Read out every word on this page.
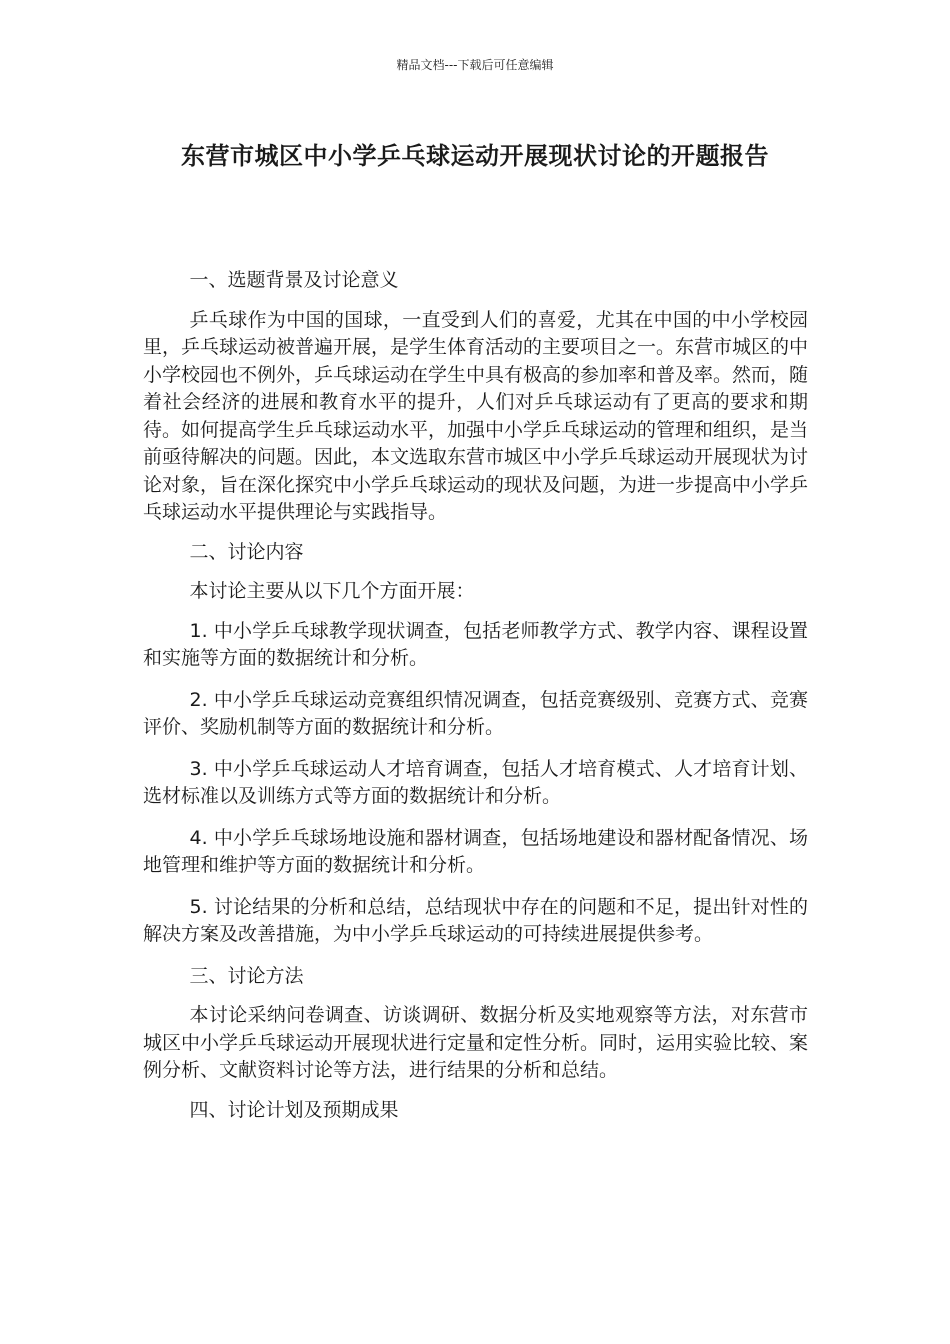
精品文档---下载后可任意编辑
东营市城区中小学乒乓球运动开展现状讨论的开题报告

一、选题背景及讨论意义

乒乓球作为中国的国球，一直受到人们的喜爱，尤其在中国的中小学校园里，乒乓球运动被普遍开展，是学生体育活动的主要项目之一。东营市城区的中小学校园也不例外，乒乓球运动在学生中具有极高的参加率和普及率。然而，随着社会经济的进展和教育水平的提升，人们对乒乓球运动有了更高的要求和期待。如何提高学生乒乓球运动水平，加强中小学乒乓球运动的管理和组织，是当前亟待解决的问题。因此，本文选取东营市城区中小学乒乓球运动开展现状为讨论对象，旨在深化探究中小学乒乓球运动的现状及问题，为进一步提高中小学乒乓球运动水平提供理论与实践指导。

二、讨论内容

本讨论主要从以下几个方面开展：

1. 中小学乒乓球教学现状调查，包括老师教学方式、教学内容、课程设置和实施等方面的数据统计和分析。

2. 中小学乒乓球运动竞赛组织情况调查，包括竞赛级别、竞赛方式、竞赛评价、奖励机制等方面的数据统计和分析。

3. 中小学乒乓球运动人才培育调查，包括人才培育模式、人才培育计划、选材标准以及训练方式等方面的数据统计和分析。

4. 中小学乒乓球场地设施和器材调查，包括场地建设和器材配备情况、场地管理和维护等方面的数据统计和分析。

5. 讨论结果的分析和总结，总结现状中存在的问题和不足，提出针对性的解决方案及改善措施，为中小学乒乓球运动的可持续进展提供参考。

三、讨论方法

本讨论采纳问卷调查、访谈调研、数据分析及实地观察等方法，对东营市城区中小学乒乓球运动开展现状进行定量和定性分析。同时，运用实验比较、案例分析、文献资料讨论等方法，进行结果的分析和总结。

四、讨论计划及预期成果
